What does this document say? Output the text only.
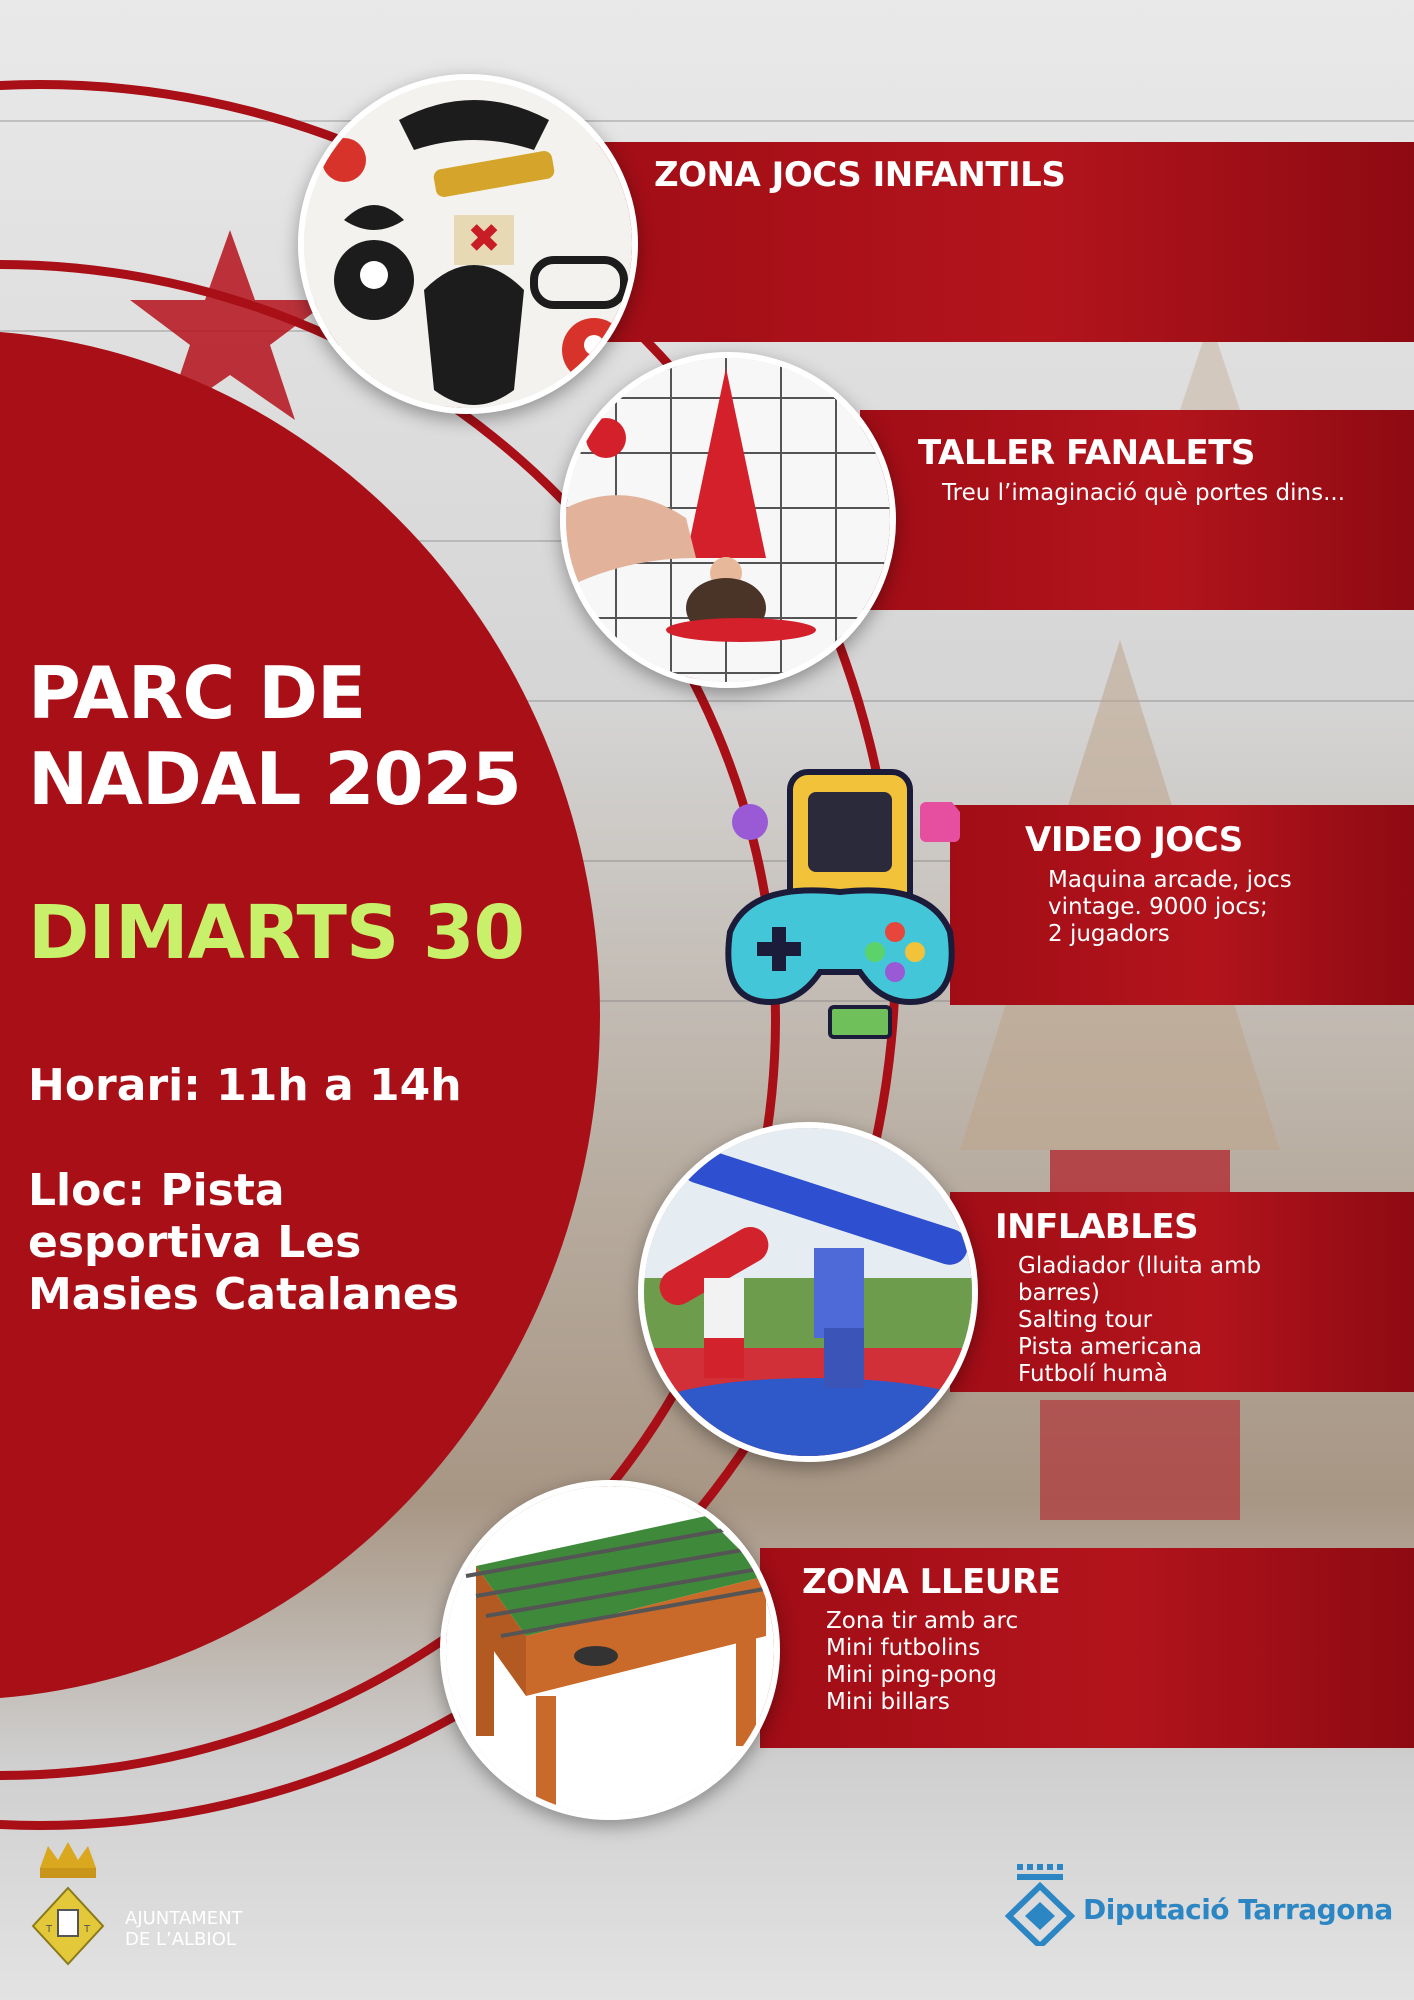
ZONA JOCS INFANTILS
TALLER FANALETS
Treu l’imaginació què portes dins...
VIDEO JOCS
Maquina arcade, jocs
vintage. 9000 jocs;
2 jugadors
INFLABLES
Gladiador (lluita amb
barres)
Salting tour
Pista americana
Futbolí humà
ZONA LLEURE
Zona tir amb arc
Mini futbolins
Mini ping-pong
Mini billars
✖
PARC DE
NADAL 2025
DIMARTS 30
Horari: 11h a 14h
Lloc: Pista
esportiva Les
Masies Catalanes
T	T
AJUNTAMENT
DE L’ALBIOL
Diputació Tarragona
